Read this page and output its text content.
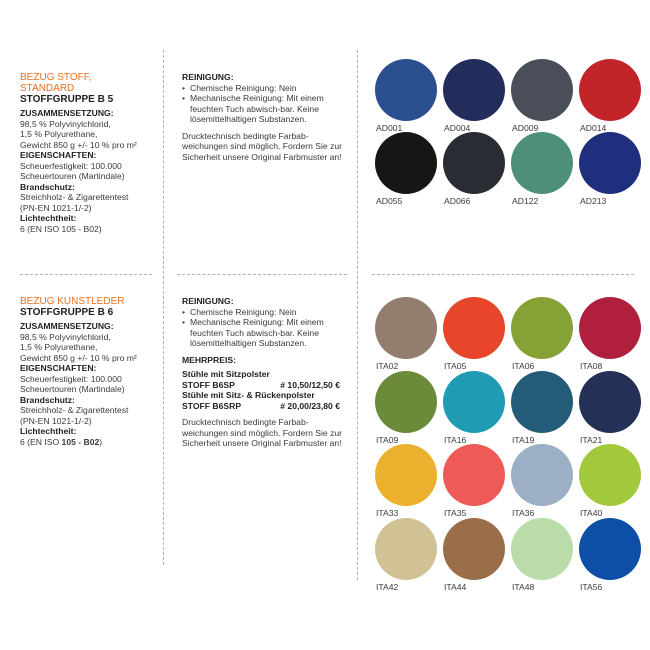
BEZUG STOFF,
STANDARD
STOFFGRUPPE B 5
ZUSAMMENSETZUNG:
98,5 % Polyvinylchlorid,
1,5 % Polyurethane,
Gewicht 850 g +/- 10 % pro m²
EIGENSCHAFTEN:
Scheuerfestigkeit: 100.000
Scheuertouren (Martindale)
Brandschutz:
Streichholz- & Zigarettentest
(PN-EN 1021-1/-2)
Lichtechtheit:
6 (EN ISO 105 - B02)
REINIGUNG:
• Chemische Reinigung: Nein
• Mechanische Reinigung: Mit einem feuchten Tuch abwisch-bar. Keine lösemittelhaltigen Substanzen.
Drucktechnisch bedingte Farbab-weichungen sind möglich. Fordern Sie zur Sicherheit unsere Original Farbmuster an!
AD001	AD004	AD009	AD014
AD055	AD066	AD122	AD213
BEZUG KUNSTLEDER
STOFFGRUPPE B 6
ZUSAMMENSETZUNG:
98,5 % Polyvinylchlorid,
1,5 % Polyurethane,
Gewicht 850 g +/- 10 % pro m²
EIGENSCHAFTEN:
Scheuerfestigkeit: 100.000
Scheuertouren (Martindale)
Brandschutz:
Streichholz- & Zigarettentest
(PN-EN 1021-1/-2)
Lichtechtheit:
6 (EN ISO 105 - B02)
REINIGUNG:
• Chemische Reinigung: Nein
• Mechanische Reinigung: Mit einem feuchten Tuch abwisch-bar. Keine lösemittelhaltigen Substanzen.
MEHRPREIS:
Stühle mit Sitzpolster
STOFF B6SP	# 10,50/12,50 €
Stühle mit Sitz- & Rückenpolster
STOFF B6SRP	# 20,00/23,80 €
Drucktechnisch bedingte Farbab-weichungen sind möglich. Fordern Sie zur Sicherheit unsere Original Farbmuster an!
ITA02	ITA05	ITA06	ITA08
ITA09	ITA16	ITA19	ITA21
ITA33	ITA35	ITA36	ITA40
ITA42	ITA44	ITA48	ITA56
